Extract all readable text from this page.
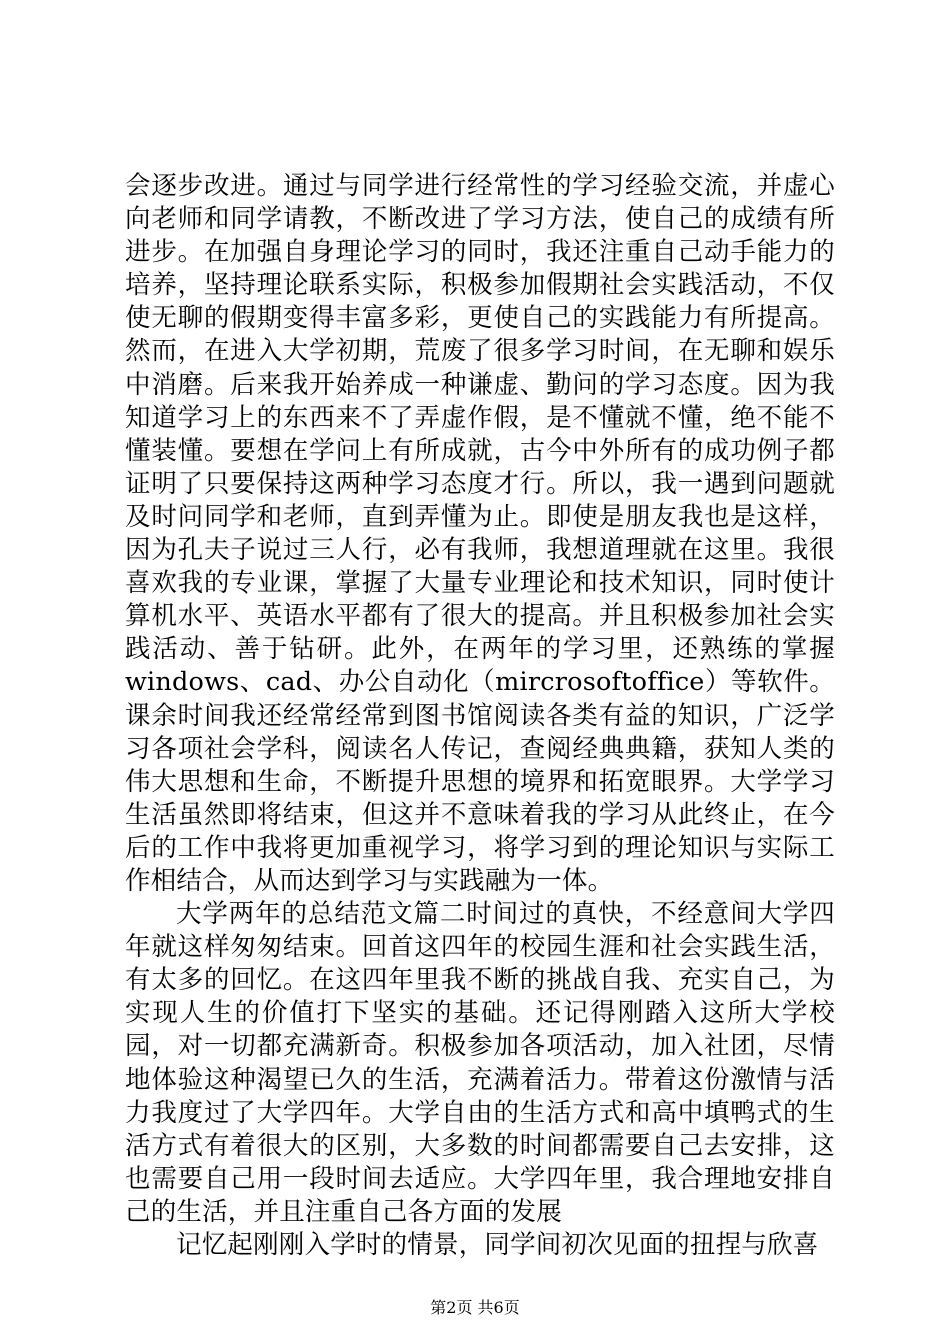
会逐步改进。通过与同学进行经常性的学习经验交流，并虚心向老师和同学请教，不断改进了学习方法，使自己的成绩有所进步。在加强自身理论学习的同时，我还注重自己动手能力的培养，坚持理论联系实际，积极参加假期社会实践活动，不仅使无聊的假期变得丰富多彩，更使自己的实践能力有所提高。然而，在进入大学初期，荒废了很多学习时间，在无聊和娱乐中消磨。后来我开始养成一种谦虚、勤问的学习态度。因为我知道学习上的东西来不了弄虚作假，是不懂就不懂，绝不能不懂装懂。要想在学问上有所成就，古今中外所有的成功例子都证明了只要保持这两种学习态度才行。所以，我一遇到问题就及时问同学和老师，直到弄懂为止。即使是朋友我也是这样，因为孔夫子说过三人行，必有我师，我想道理就在这里。我很喜欢我的专业课，掌握了大量专业理论和技术知识，同时使计算机水平、英语水平都有了很大的提高。并且积极参加社会实践活动、善于钻研。此外，在两年的学习里，还熟练的掌握windows、cad、办公自动化（mircrosoftoffice）等软件。课余时间我还经常经常到图书馆阅读各类有益的知识，广泛学习各项社会学科，阅读名人传记，查阅经典典籍，获知人类的伟大思想和生命，不断提升思想的境界和拓宽眼界。大学学习生活虽然即将结束，但这并不意味着我的学习从此终止，在今后的工作中我将更加重视学习，将学习到的理论知识与实际工作相结合，从而达到学习与实践融为一体。

大学两年的总结范文篇二时间过的真快，不经意间大学四年就这样匆匆结束。回首这四年的校园生涯和社会实践生活，有太多的回忆。在这四年里我不断的挑战自我、充实自己，为实现人生的价值打下坚实的基础。还记得刚踏入这所大学校园，对一切都充满新奇。积极参加各项活动，加入社团，尽情地体验这种渴望已久的生活，充满着活力。带着这份激情与活力我度过了大学四年。大学自由的生活方式和高中填鸭式的生活方式有着很大的区别，大多数的时间都需要自己去安排，这也需要自己用一段时间去适应。大学四年里，我合理地安排自己的生活，并且注重自己各方面的发展

记忆起刚刚入学时的情景，同学间初次见面的扭捏与欣喜

第2页 共6页
